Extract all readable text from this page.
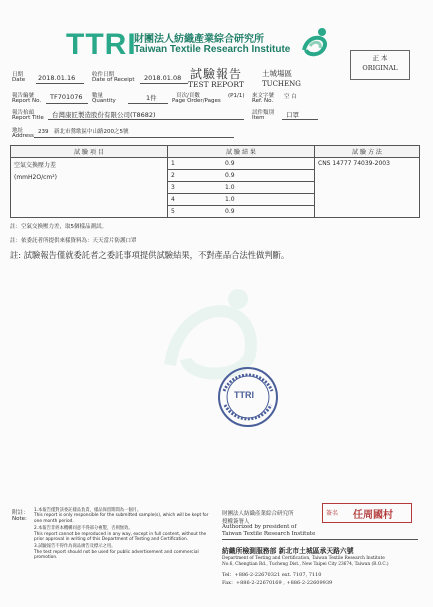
TTRI
財團法人紡織產業綜合研究所
Taiwan Textile Research Institute
正 本
ORIGINAL
日期
Date 2018.01.16	收件日期
Date of Receipt 2018.01.08 試驗報告
TEST REPORT
土城場區
TUCHENG
報告編號
Report No. TF701076 數量
Quantity	1件	頁次/頁數
Page Order/Pages
(P1/1) 來文字號
Ref. No.
空 白
報告抬頭
Report Title 台灣康匠製造股份有限公司(T8682)	試件類別
Item	口罩
地址
Address
239　新北市鶯歌區中山路200之5號
試 驗 項 目	試 驗 結 果	試 驗 方 法

空氣交換壓力差
(mmH2O/cm²)	1 0.9	CNS 14777 74039-2003
	2 0.9	
	3 1.0	
	4 1.0	
	5 0.9	
註：空氣交換壓力差，取5個樣品測試。
註：依委託者所提供來樣資料為：天天當片防護口罩
註: 試驗報告僅就委託者之委託事項提供試驗結果，不對產品合法性做判斷。
TTRI
附註：
Note:
1.本報告僅對該委託樣品負責，樣品保留期間為一個月。
This report is only responsible for the submitted sample(s), which will be kept for one month period.
2.本報告非經本機構同意不得部分複製，否則無效。
This report cannot be reproduced in any way, except in full content, without the prior approval in writing of this Department of Testing and Certification.
3.試驗報告不得作為商品廣告及標示之用。
The test report should not be used for public advertisement and commercial promotion.
財團法人紡織產業綜合研究所
授權簽署人
Authorized by president of
Taiwan Textile Research Institute
簽名 任周國村
紡織所檢測服務部 新北市土城區承天路六號
Department of Testing and Certification, Taiwan Textile Research Institute
No.6, Chengtian Rd., Tucheng Dist., New Taipei City 23674, Taiwan (R.O.C.)
Tel：+886-2-22670321 ext. 7107, 7110
Fax：+886-2-22670169 , +886-2-22609939
